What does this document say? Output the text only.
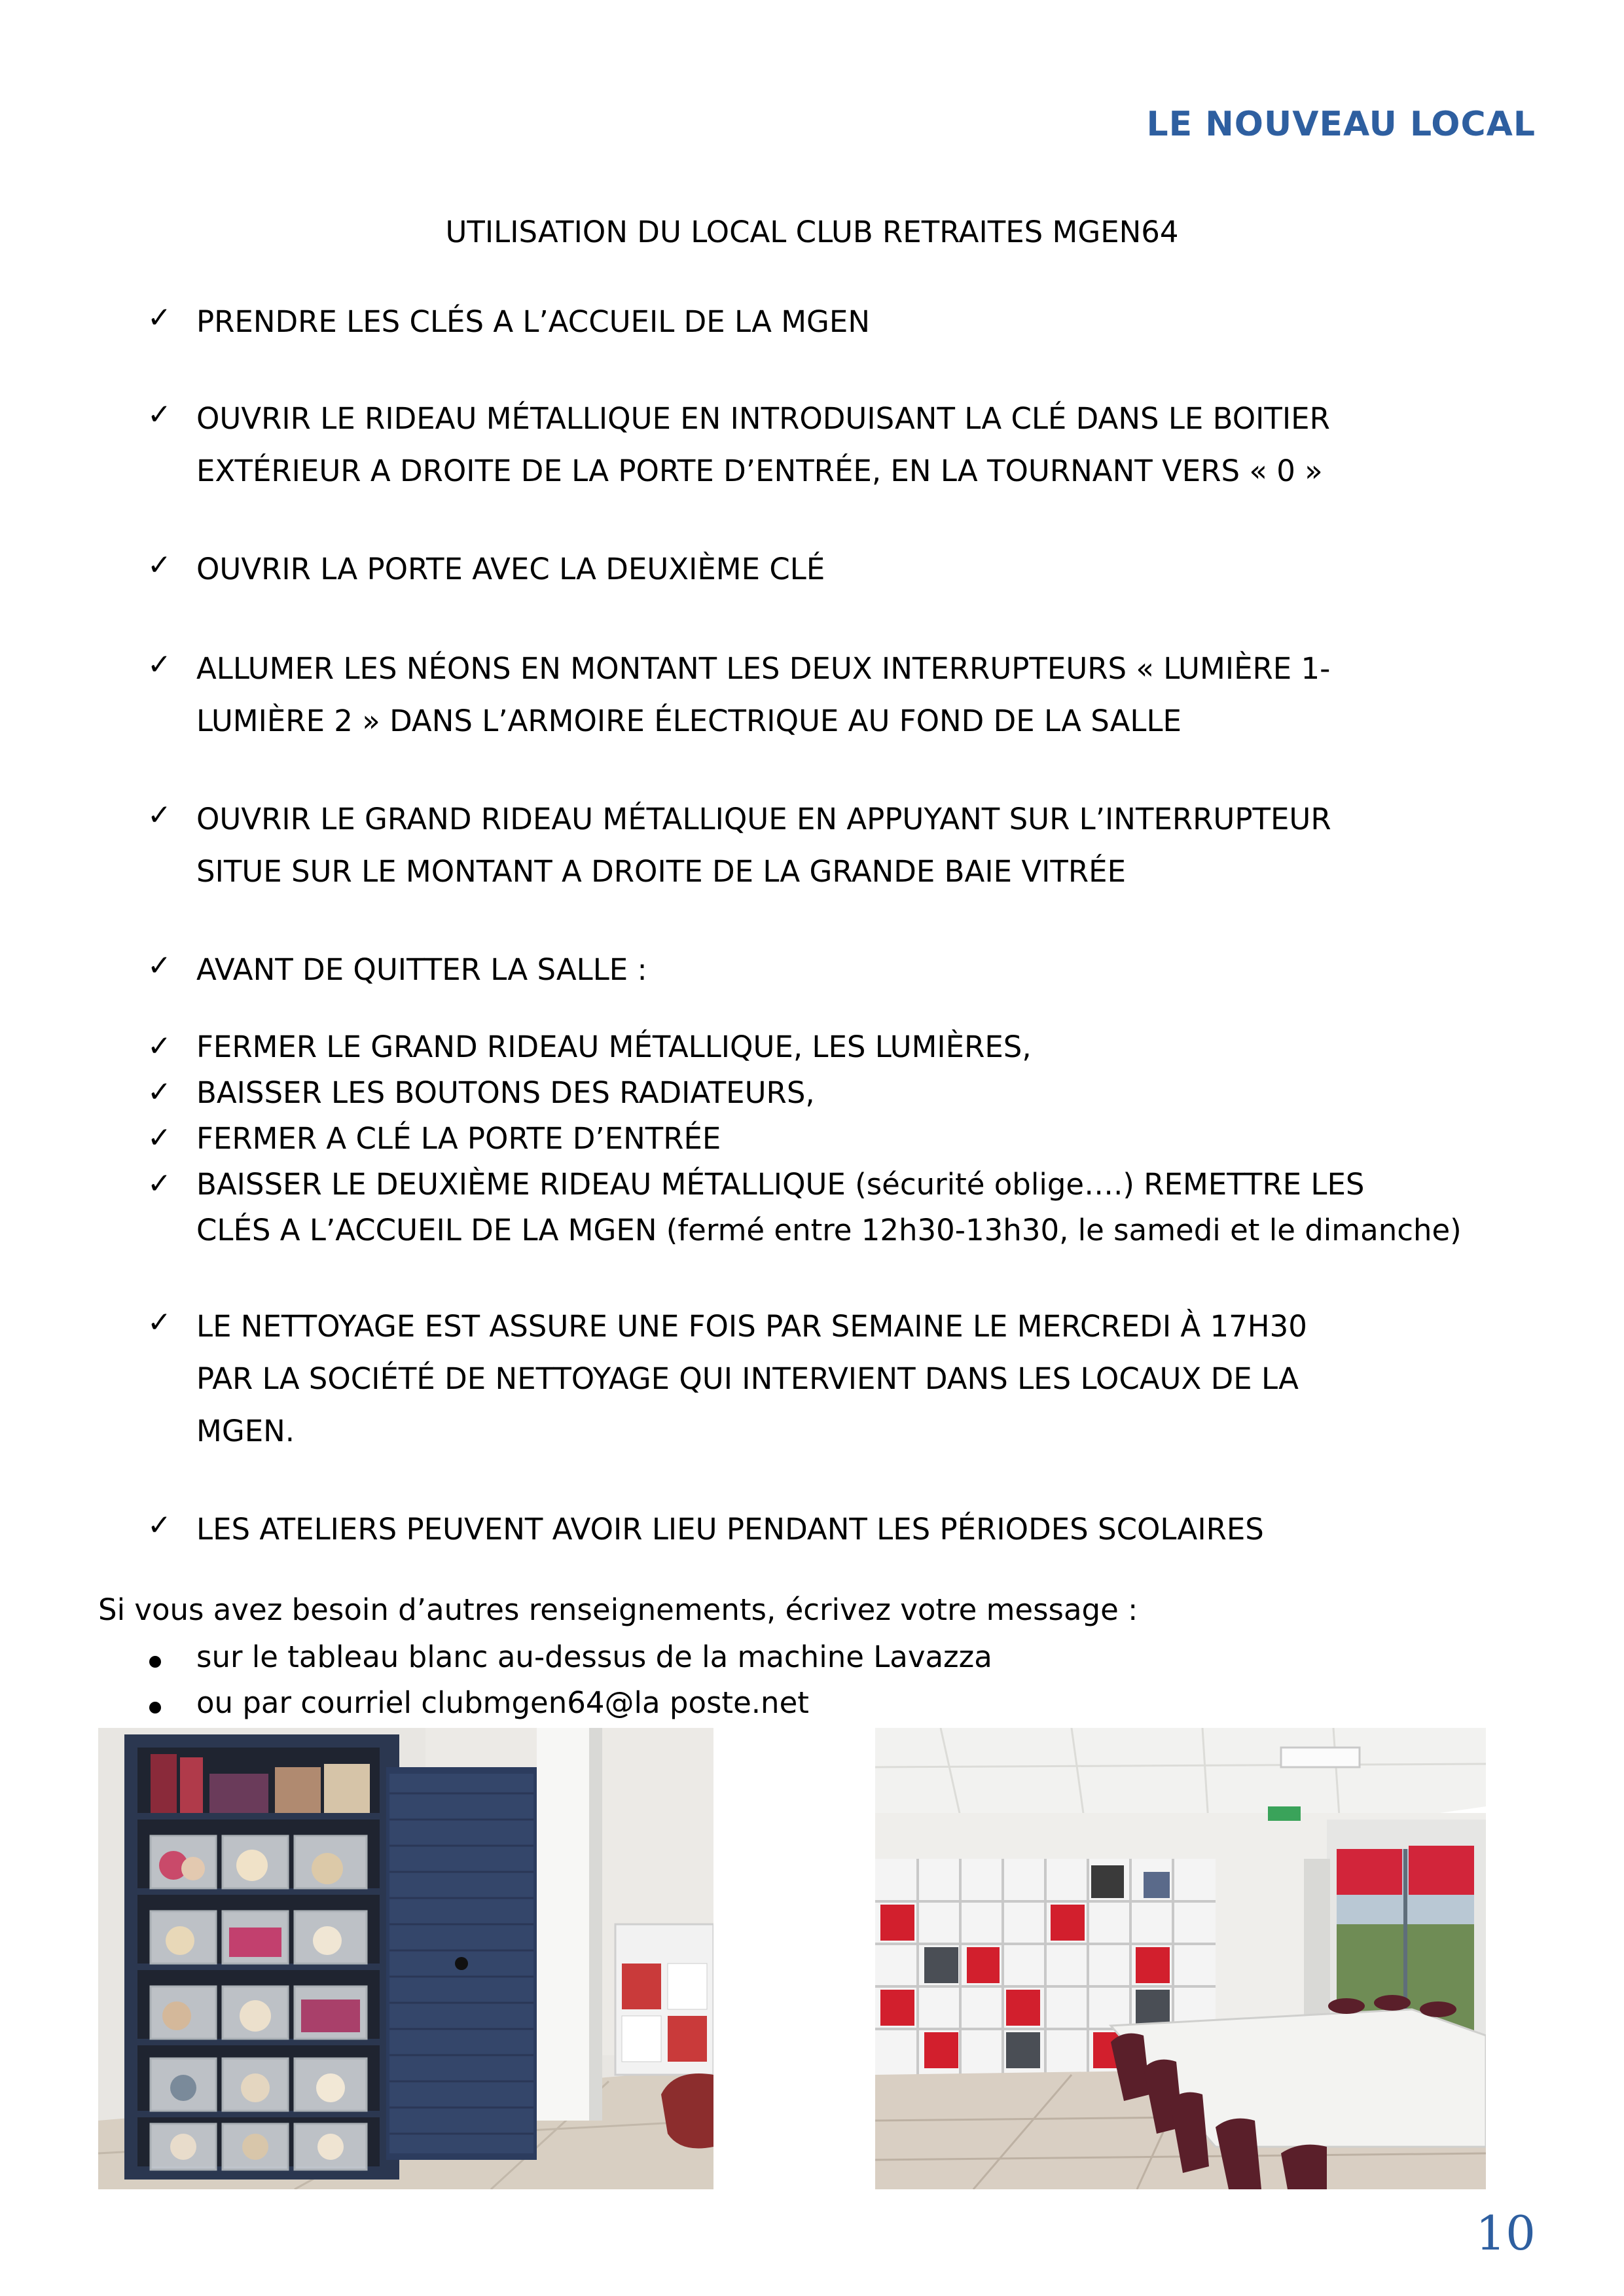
LE NOUVEAU LOCAL
UTILISATION DU LOCAL CLUB RETRAITES MGEN64
✓ PRENDRE LES CLÉS A L’ACCUEIL DE LA MGEN
✓ OUVRIR LE RIDEAU MÉTALLIQUE EN INTRODUISANT LA CLÉ DANS LE BOITIER
EXTÉRIEUR A DROITE DE LA PORTE D’ENTRÉE, EN LA TOURNANT VERS « 0 »
✓ OUVRIR LA PORTE AVEC LA DEUXIÈME CLÉ
✓ ALLUMER LES NÉONS EN MONTANT LES DEUX INTERRUPTEURS « LUMIÈRE 1-
LUMIÈRE 2 » DANS L’ARMOIRE ÉLECTRIQUE AU FOND DE LA SALLE
✓ OUVRIR LE GRAND RIDEAU MÉTALLIQUE EN APPUYANT SUR L’INTERRUPTEUR
SITUE SUR LE MONTANT A DROITE DE LA GRANDE BAIE VITRÉE
✓ AVANT DE QUITTER LA SALLE :
✓ FERMER LE GRAND RIDEAU MÉTALLIQUE, LES LUMIÈRES,
✓ BAISSER LES BOUTONS DES RADIATEURS,
✓ FERMER A CLÉ LA PORTE D’ENTRÉE
✓ BAISSER LE DEUXIÈME RIDEAU MÉTALLIQUE (sécurité oblige….) REMETTRE LES
CLÉS A L’ACCUEIL DE LA MGEN (fermé entre 12h30-13h30, le samedi et le dimanche)
✓ LE NETTOYAGE EST ASSURE UNE FOIS PAR SEMAINE LE MERCREDI À 17H30
PAR LA SOCIÉTÉ DE NETTOYAGE QUI INTERVIENT DANS LES LOCAUX DE LA
MGEN.
✓ LES ATELIERS PEUVENT AVOIR LIEU PENDANT LES PÉRIODES SCOLAIRES
Si vous avez besoin d’autres renseignements, écrivez votre message :
sur le tableau blanc au-dessus de la machine Lavazza
ou par courriel clubmgen64@la poste.net
10
